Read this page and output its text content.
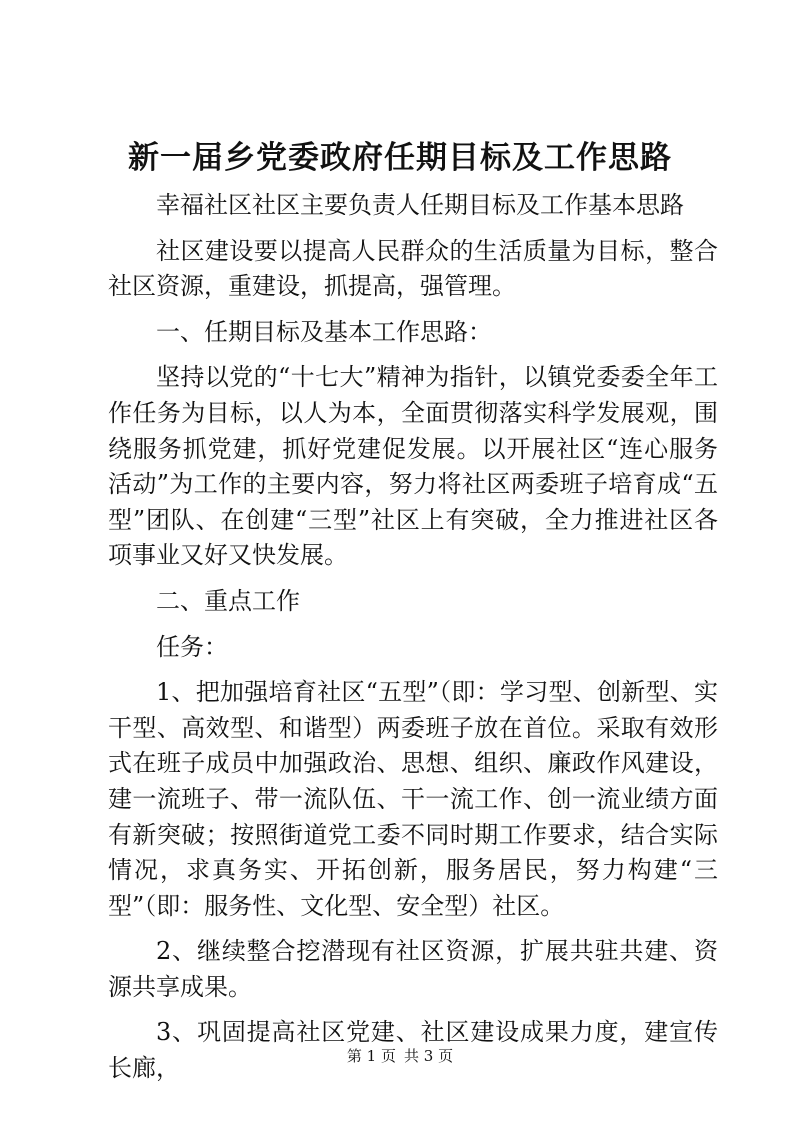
新一届乡党委政府任期目标及工作思路

幸福社区社区主要负责人任期目标及工作基本思路

社区建设要以提高人民群众的生活质量为目标，整合社区资源，重建设，抓提高，强管理。

一、任期目标及基本工作思路：

坚持以党的“十七大”精神为指针，以镇党委委全年工作任务为目标，以人为本，全面贯彻落实科学发展观，围绕服务抓党建，抓好党建促发展。以开展社区“连心服务活动”为工作的主要内容，努力将社区两委班子培育成“五型”团队、在创建“三型”社区上有突破，全力推进社区各项事业又好又快发展。

二、重点工作

任务：

1、把加强培育社区“五型”（即：学习型、创新型、实干型、高效型、和谐型）两委班子放在首位。采取有效形式在班子成员中加强政治、思想、组织、廉政作风建设，建一流班子、带一流队伍、干一流工作、创一流业绩方面有新突破；按照街道党工委不同时期工作要求，结合实际情况，求真务实、开拓创新，服务居民，努力构建“三型”（即：服务性、文化型、安全型）社区。

2、继续整合挖潜现有社区资源，扩展共驻共建、资源共享成果。

3、巩固提高社区党建、社区建设成果力度，建宣传长廊，	第 1 页 共 3 页
